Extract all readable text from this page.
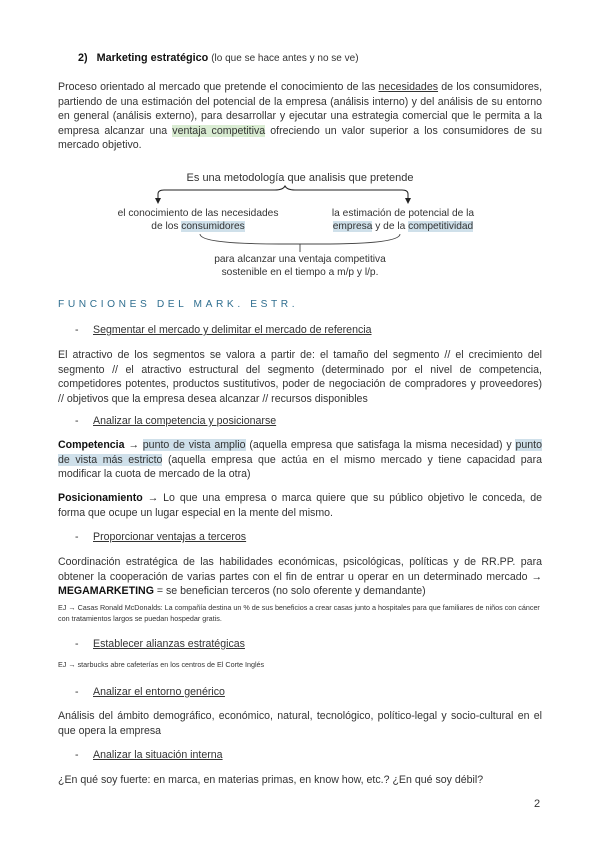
2) Marketing estratégico (lo que se hace antes y no se ve)

Proceso orientado al mercado que pretende el conocimiento de las necesidades de los consumidores, partiendo de una estimación del potencial de la empresa (análisis interno) y del análisis de su entorno en general (análisis externo), para desarrollar y ejecutar una estrategia comercial que le permita a la empresa alcanzar una ventaja competitiva ofreciendo un valor superior a los consumidores de su mercado objetivo.

Es una metodología que analisis que pretende
el conocimiento de las necesidades
de los consumidores
la estimación de potencial de la
empresa y de la competitividad
para alcanzar una ventaja competitiva
sostenible en el tiempo a m/p y l/p.
FUNCIONES DEL MARK. ESTR.
- Segmentar el mercado y delimitar el mercado de referencia

El atractivo de los segmentos se valora a partir de: el tamaño del segmento // el crecimiento del segmento // el atractivo estructural del segmento (determinado por el nivel de competencia, competidores potentes, productos sustitutivos, poder de negociación de compradores y proveedores) // objetivos que la empresa desea alcanzar // recursos disponibles

- Analizar la competencia y posicionarse

Competencia → punto de vista amplio (aquella empresa que satisfaga la misma necesidad) y punto de vista más estricto (aquella empresa que actúa en el mismo mercado y tiene capacidad para modificar la cuota de mercado de la otra)

Posicionamiento → Lo que una empresa o marca quiere que su público objetivo le conceda, de forma que ocupe un lugar especial en la mente del mismo.

- Proporcionar ventajas a terceros

Coordinación estratégica de las habilidades económicas, psicológicas, políticas y de RR.PP. para obtener la cooperación de varias partes con el fin de entrar u operar en un determinado mercado → MEGAMARKETING = se benefician terceros (no solo oferente y demandante)

EJ → Casas Ronald McDonalds: La compañía destina un % de sus beneficios a crear casas junto a hospitales para que familiares de niños con cáncer con tratamientos largos se puedan hospedar gratis.

- Establecer alianzas estratégicas

EJ → starbucks abre cafeterías en los centros de El Corte Inglés

- Analizar el entorno genérico

Análisis del ámbito demográfico, económico, natural, tecnológico, político-legal y socio-cultural en el que opera la empresa

- Analizar la situación interna

¿En qué soy fuerte: en marca, en materias primas, en know how, etc.? ¿En qué soy débil?

2
